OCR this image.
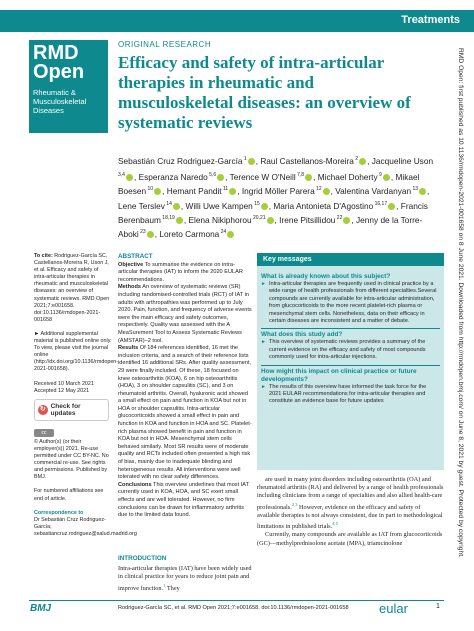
Treatments
RMD
Open
Rheumatic & Musculoskeletal Diseases
ORIGINAL RESEARCH
Efficacy and safety of intra-articular therapies in rheumatic and musculoskeletal diseases: an overview of systematic reviews
Sebastián Cruz Rodriguez-García $^1$ , Raul Castellanos-Moreira $^2$ , Jacqueline Uson $^{3,4}$ , Esperanza Naredo $^{5,6}$ , Terence W O'Neill $^{7,8}$ , Michael Doherty $^9$ , Mikael Boesen $^{10}$ , Hemant Pandit $^{11}$ , Ingrid Möller Parera $^{12}$ , Valentina Vardanyan $^{13}$ , Lene Terslev $^{14}$ , Willi Uwe Kampen $^{15}$ , Maria Antonieta D'Agostino $^{16,17}$ , Francis Berenbaum $^{18,19}$ , Elena Nikiphorou $^{20,21}$ , Irene Pitsillidou $^{22}$ , Jenny de la Torre-Aboki $^{23}$ , Loreto Carmona $^{24}$
To cite: Rodriguez-García SC, Castellanos-Moreira R, Uson J, et al. Efficacy and safety of intra-articular therapies in rheumatic and musculoskeletal diseases: an overview of systematic reviews. RMD Open 2021;7:e001658. doi:10.1136/rmdopen-2021-001658
► Additional supplemental material is published online only. To view, please visit the journal online (http://dx.doi.org/10.1136/rmdopen-2021-001658).
Received 10 March 2021
Accepted 12 May 2021
↻ Check for updates
cc
© Author(s) (or their employer(s)) 2021. Re-use permitted under CC BY-NC. No commercial re-use. See rights and permissions. Published by BMJ.
For numbered affiliations see end of article.
Correspondence to
Dr Sebastián Cruz Rodriguez-García; sebastiancruz.rodriguez@salud.madrid.org
ABSTRACT

Objective To summarise the evidence on intra-articular therapies (IAT) to inform the 2020 EULAR recommendations.

Methods An overview of systematic reviews (SR) including randomised-controlled trials (RCT) of IAT in adults with arthropathies was performed up to July 2020. Pain, function, and frequency of adverse events were the main efficacy and safety outcomes, respectively. Quality was assessed with the A MeaSurement Tool to Assess Systematic Reviews (AMSTAR)–2 tool.

Results Of 184 references identified, 16 met the inclusion criteria, and a search of their reference lists identified 16 additional SRs. After quality assessment, 29 were finally included. Of these, 18 focused on knee osteoarthritis (KOA), 6 on hip osteoarthritis (HOA), 3 on shoulder capsulitis (SC), and 3 on rheumatoid arthritis. Overall, hyaluronic acid showed a small effect on pain and function in KOA but not in HOA or shoulder capsulitis. Intra-articular glucocorticoids showed a small effect in pain and function in KOA and function in HOA and SC. Platelet-rich plasma showed benefit in pain and function in KOA but not in HOA. Mesenchymal stem cells behaved similarly. Most SR results were of moderate quality and RCTs included often presented a high risk of bias, mainly due to inadequate blinding and heterogeneous results. All interventions were well tolerated with no clear safety differences.

Conclusions This overview underlines that most IAT currently used in KOA, HOA, and SC exert small effects and are well tolerated. However, no firm conclusions can be drawn for inflammatory arthritis due to the limited data found.

INTRODUCTION

Intra-articular therapies (IAT) have been widely used in clinical practice for years to reduce joint pain and improve function.$^1$ They

Key messages
What is already known about this subject?
► Intra-articular therapies are frequently used in clinical practice by a wide range of health professionals from different specialties.Several compounds are currently available for intra-articular administration, from glucocorticoids to the more recent platelet-rich plasma or mesenchymal stem cells. Nonetheless, data on their efficacy in certain diseases are inconsistent and a matter of debate.
What does this study add?
► This overview of systematic reviews provides a summary of the current evidence on the efficacy and safety of most compounds commonly used for intra-articular injections.
How might this impact on clinical practice or future developments?
► The results of this overview have informed the task force for the 2021 EULAR recommendations for intra-articular therapies and constitute an evidence base for future updates

are used in many joint disorders including osteoarthritis (OA) and rheumatoid arthritis (RA) and delivered by a range of health professionals including clinicians from a range of specialties and also allied health-care professionals.$^{2 3}$ However, evidence on the efficacy and safety of available therapies is not always consistent, due in part to methodological limitations in published trials.$^{4 5}$

Currently, many compounds are available as IAT from glucocorticoids (GC)—methylprednisolone acetate (MPA), triamcinolone	RMD Open: first published as 10.1136/rmdopen-2021-001658 on 8 June 2021. Downloaded from http://rmdopen.bmj.com/ on June 8, 2021 by guest. Protected by copyright.
BMJ	Rodriguez-García SC, et al. RMD Open 2021;7:e001658. doi:10.1136/rmdopen-2021-001658 eular	1
